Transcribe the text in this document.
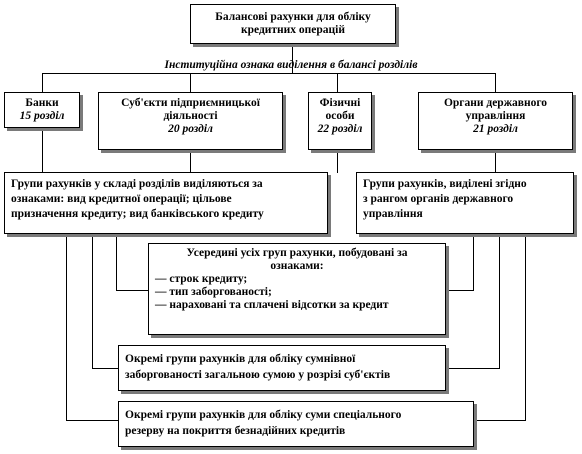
Балансові рахунки для обліку
кредитних операцій
Інституційна ознака виділення в балансі розділів
Банки
15 розділ
Суб'єкти підприємницької
діяльності
20 розділ
Фізичні
особи
22 розділ
Органи державного
управління
21 розділ
Групи рахунків у складі розділів виділяються за
ознаками: вид кредитної операції; цільове
призначення кредиту; вид банківського кредиту
Групи рахунків, виділені згідно
з рангом органів державного
управління
Усередині усіх груп рахунки, побудовані за
ознаками:
— строк кредиту;
— тип заборгованості;
— нараховані та сплачені відсотки за кредит
Окремі групи рахунків для обліку сумнівної
заборгованості загальною сумою у розрізі суб'єктів
Окремі групи рахунків для обліку суми спеціального
резерву на покриття безнадійних кредитів
